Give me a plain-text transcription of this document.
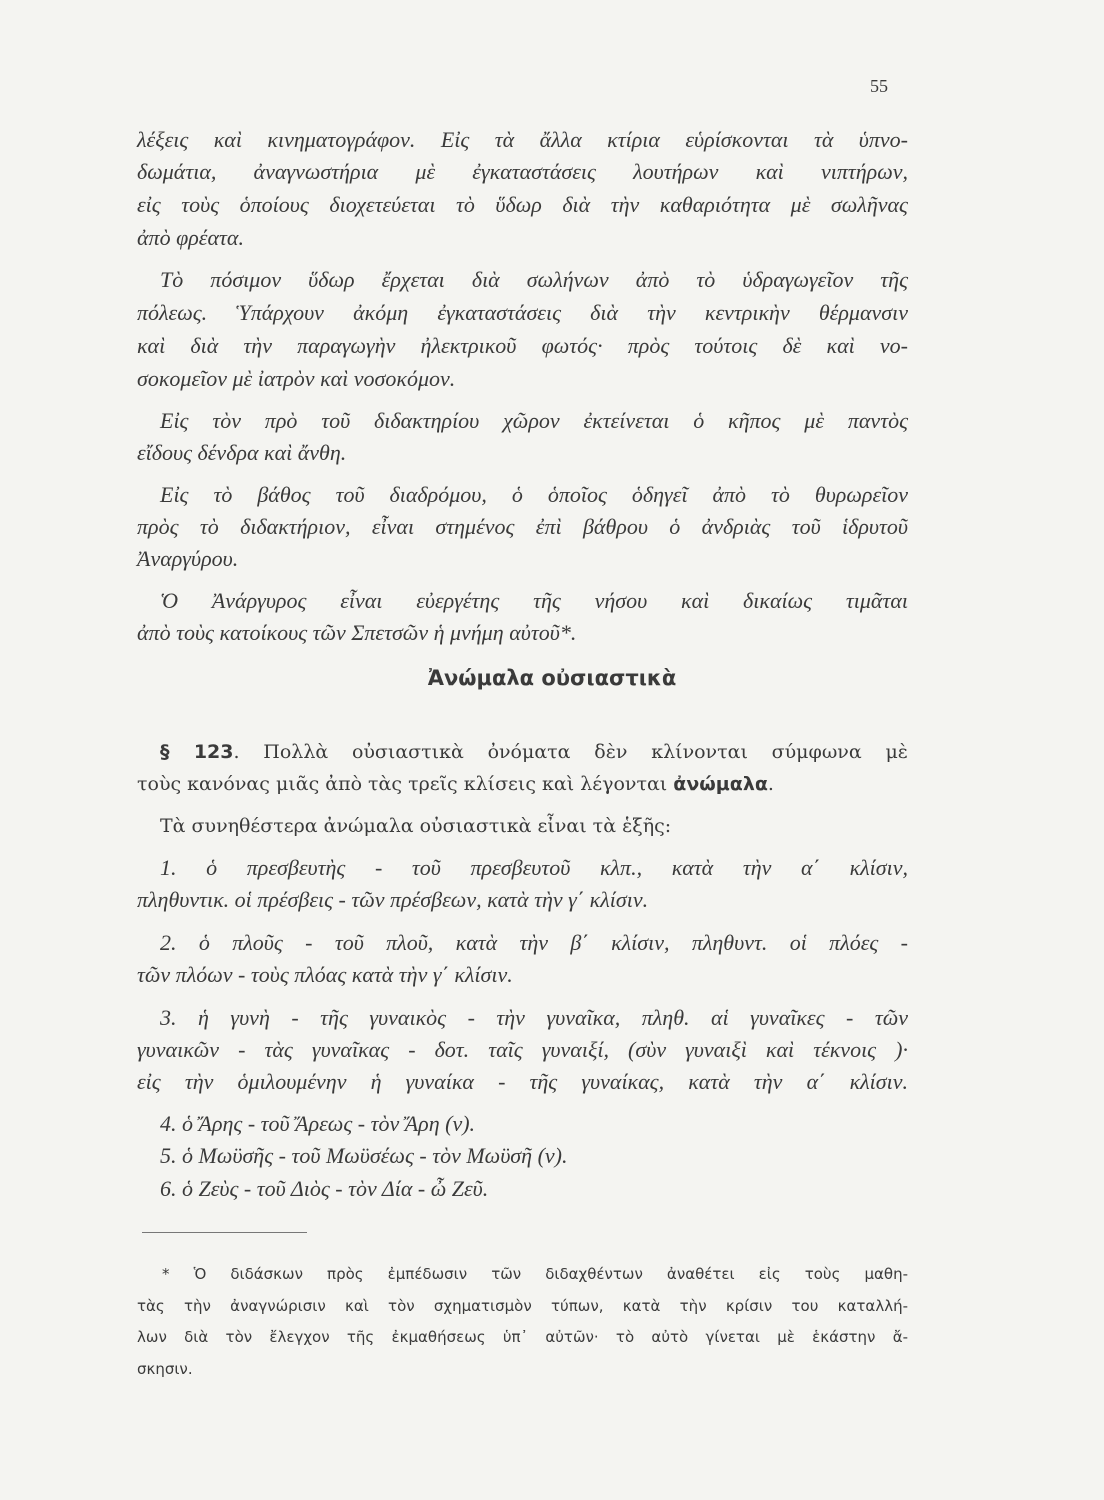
55
λέξεις καὶ κινηματογράφον. Εἰς τὰ ἄλλα κτίρια εὑρίσκονται τὰ ὑπνο-
δωμάτια, ἀναγνωστήρια μὲ ἐγκαταστάσεις λουτήρων καὶ νιπτήρων,
εἰς τοὺς ὁποίους διοχετεύεται τὸ ὕδωρ διὰ τὴν καθαριότητα μὲ σωλῆνας
ἀπὸ φρέατα.
Τὸ πόσιμον ὕδωρ ἔρχεται διὰ σωλήνων ἀπὸ τὸ ὑδραγωγεῖον τῆς
πόλεως. Ὑπάρχουν ἀκόμη ἐγκαταστάσεις διὰ τὴν κεντρικὴν θέρμανσιν
καὶ διὰ τὴν παραγωγὴν ἠλεκτρικοῦ φωτός· πρὸς τούτοις δὲ καὶ νο-
σοκομεῖον μὲ ἰατρὸν καὶ νοσοκόμον.
Εἰς τὸν πρὸ τοῦ διδακτηρίου χῶρον ἐκτείνεται ὁ κῆπος μὲ παντὸς
εἴδους δένδρα καὶ ἄνθη.
Εἰς τὸ βάθος τοῦ διαδρόμου, ὁ ὁποῖος ὁδηγεῖ ἀπὸ τὸ θυρωρεῖον
πρὸς τὸ διδακτήριον, εἶναι στημένος ἐπὶ βάθρου ὁ ἀνδριὰς τοῦ ἱδρυτοῦ
Ἀναργύρου.
Ὁ Ἀνάργυρος εἶναι εὐεργέτης τῆς νήσου καὶ δικαίως τιμᾶται
ἀπὸ τοὺς κατοίκους τῶν Σπετσῶν ἡ μνήμη αὐτοῦ*.
Ἀνώμαλα οὐσιαστικὰ
§ 123. Πολλὰ οὐσιαστικὰ ὀνόματα δὲν κλίνονται σύμφωνα μὲ
τοὺς κανόνας μιᾶς ἀπὸ τὰς τρεῖς κλίσεις καὶ λέγονται ἀνώμαλα.
Τὰ συνηθέστερα ἀνώμαλα οὐσιαστικὰ εἶναι τὰ ἑξῆς:
1. ὁ πρεσβευτὴς - τοῦ πρεσβευτοῦ κλπ., κατὰ τὴν α΄ κλίσιν,
πληθυντικ. οἱ πρέσβεις - τῶν πρέσβεων, κατὰ τὴν γ΄ κλίσιν.
2. ὁ πλοῦς - τοῦ πλοῦ, κατὰ τὴν β΄ κλίσιν, πληθυντ. οἱ πλόες -
τῶν πλόων - τοὺς πλόας κατὰ τὴν γ΄ κλίσιν.
3. ἡ γυνὴ - τῆς γυναικὸς - τὴν γυναῖκα, πληθ. αἱ γυναῖκες - τῶν
γυναικῶν - τὰς γυναῖκας - δοτ. ταῖς γυναιξί, (σὺν γυναιξὶ καὶ τέκνοις )·
εἰς τὴν ὁμιλουμένην ἡ γυναίκα - τῆς γυναίκας, κατὰ τὴν α΄ κλίσιν.
4. ὁ Ἄρης - τοῦ Ἄρεως - τὸν Ἄρη (ν).
5. ὁ Μωϋσῆς - τοῦ Μωϋσέως - τὸν Μωϋσῆ (ν).
6. ὁ Ζεὺς - τοῦ Διὸς - τὸν Δία - ὦ Ζεῦ.
* Ὁ διδάσκων πρὸς ἐμπέδωσιν τῶν διδαχθέντων ἀναθέτει εἰς τοὺς μαθη-
τὰς τὴν ἀναγνώρισιν καὶ τὸν σχηματισμὸν τύπων, κατὰ τὴν κρίσιν του καταλλή-
λων διὰ τὸν ἔλεγχον τῆς ἐκμαθήσεως ὑπ᾽ αὐτῶν· τὸ αὐτὸ γίνεται μὲ ἑκάστην ἄ-
σκησιν.
